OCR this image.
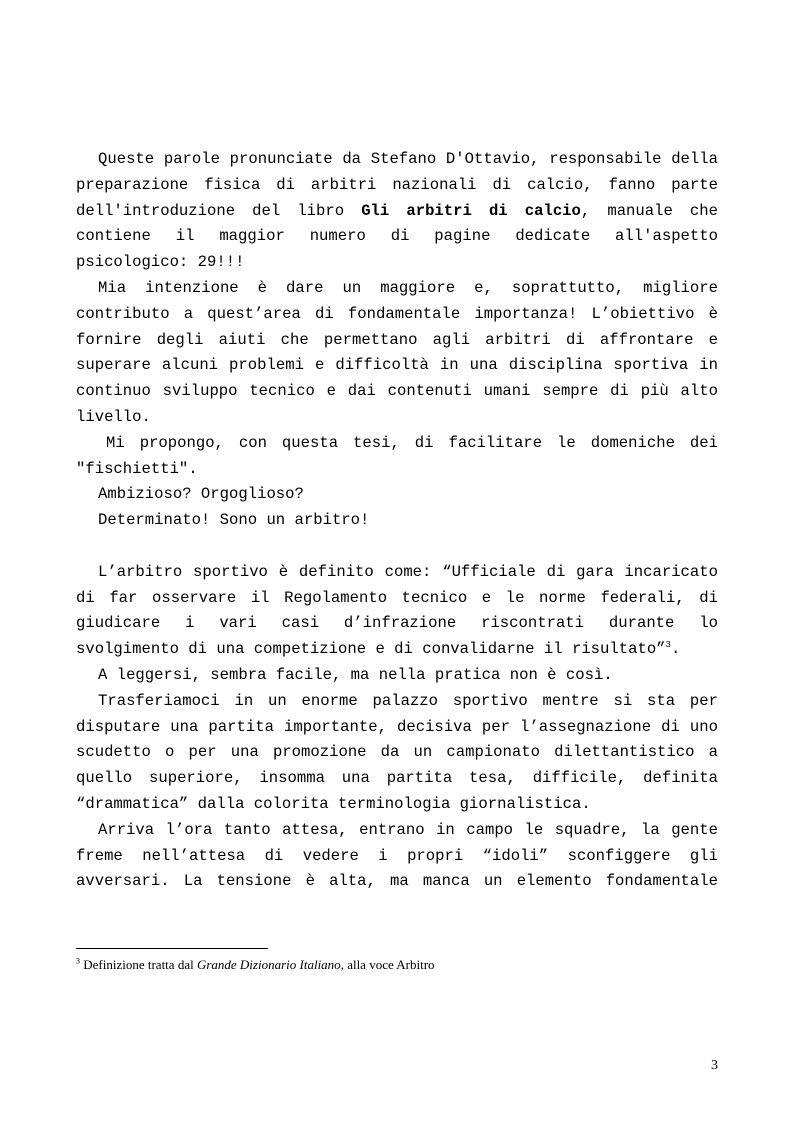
Queste parole pronunciate da Stefano D'Ottavio, responsabile della preparazione fisica di arbitri nazionali di calcio, fanno parte dell'introduzione del libro Gli arbitri di calcio, manuale che contiene il maggior numero di pagine dedicate all'aspetto psicologico: 29!!!

Mia intenzione è dare un maggiore e, soprattutto, migliore contributo a quest’area di fondamentale importanza! L’obiettivo è fornire degli aiuti che permettano agli arbitri di affrontare e superare alcuni problemi e difficoltà in una disciplina sportiva in continuo sviluppo tecnico e dai contenuti umani sempre di più alto livello.

Mi propongo, con questa tesi, di facilitare le domeniche dei "fischietti".

Ambizioso? Orgoglioso?

Determinato! Sono un arbitro!

L’arbitro sportivo è definito come: “Ufficiale di gara incaricato di far osservare il Regolamento tecnico e le norme federali, di giudicare i vari casi d’infrazione riscontrati durante lo svolgimento di una competizione e di convalidarne il risultato”$^3$.

A leggersi, sembra facile, ma nella pratica non è così.

Trasferiamoci in un enorme palazzo sportivo mentre si sta per disputare una partita importante, decisiva per l’assegnazione di uno scudetto o per una promozione da un campionato dilettantistico a quello superiore, insomma una partita tesa, difficile, definita “drammatica” dalla colorita terminologia giornalistica.

Arriva l’ora tanto attesa, entrano in campo le squadre, la gente freme nell’attesa di vedere i propri “idoli” sconfiggere gli avversari. La tensione è alta, ma manca un elemento fondamentale

$^3$ Definizione tratta dal Grande Dizionario Italiano, alla voce Arbitro
3
